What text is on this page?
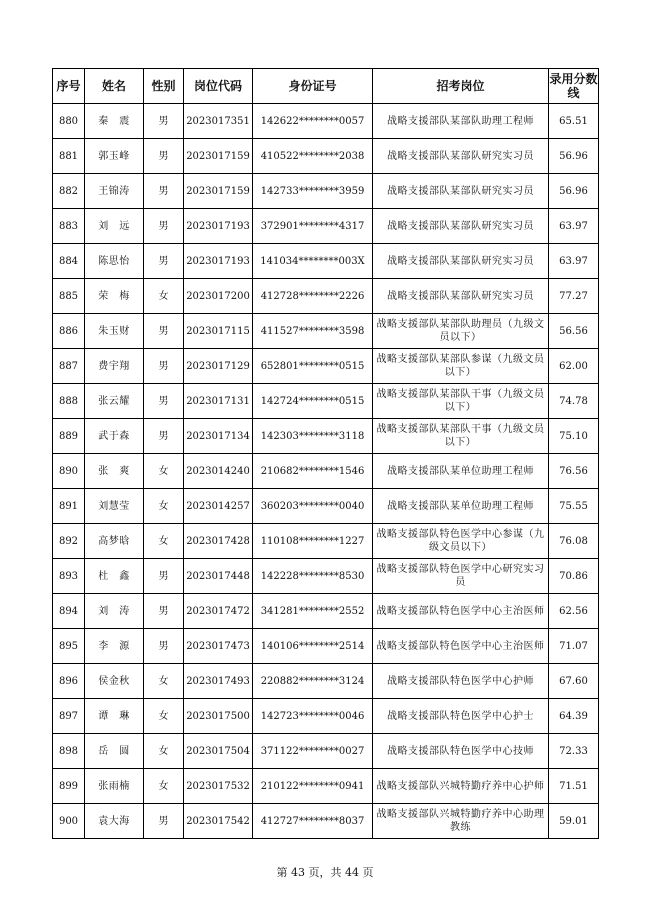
序号	姓名	性别	岗位代码	身份证号	招考岗位	录用分数线
880	秦　震	男	2023017351	142622********0057	战略支援部队某部队助理工程师	65.51
881	郭玉峰	男	2023017159	410522********2038	战略支援部队某部队研究实习员	56.96
882	王锦涛	男	2023017159	142733********3959	战略支援部队某部队研究实习员	56.96
883	刘　远	男	2023017193	372901********4317	战略支援部队某部队研究实习员	63.97
884	陈思怡	男	2023017193	141034********003X	战略支援部队某部队研究实习员	63.97
885	荣　梅	女	2023017200	412728********2226	战略支援部队某部队研究实习员	77.27
886	朱玉财	男	2023017115	411527********3598	战略支援部队某部队助理员（九级文员以下）	56.56
887	费宇翔	男	2023017129	652801********0515	战略支援部队某部队参谋（九级文员以下）	62.00
888	张云耀	男	2023017131	142724********0515	战略支援部队某部队干事（九级文员以下）	74.78
889	武于森	男	2023017134	142303********3118	战略支援部队某部队干事（九级文员以下）	75.10
890	张　爽	女	2023014240	210682********1546	战略支援部队某单位助理工程师	76.56
891	刘慧莹	女	2023014257	360203********0040	战略支援部队某单位助理工程师	75.55
892	高梦晗	女	2023017428	110108********1227	战略支援部队特色医学中心参谋（九级文员以下）	76.08
893	杜　鑫	男	2023017448	142228********8530	战略支援部队特色医学中心研究实习员	70.86
894	刘　涛	男	2023017472	341281********2552	战略支援部队特色医学中心主治医师	62.56
895	李　源	男	2023017473	140106********2514	战略支援部队特色医学中心主治医师	71.07
896	侯金秋	女	2023017493	220882********3124	战略支援部队特色医学中心护师	67.60
897	谭　琳	女	2023017500	142723********0046	战略支援部队特色医学中心护士	64.39
898	岳　圆	女	2023017504	371122********0027	战略支援部队特色医学中心技师	72.33
899	张雨楠	女	2023017532	210122********0941	战略支援部队兴城特勤疗养中心护师	71.51
900	袁大海	男	2023017542	412727********8037	战略支援部队兴城特勤疗养中心助理教练	59.01
第 43 页，共 44 页
